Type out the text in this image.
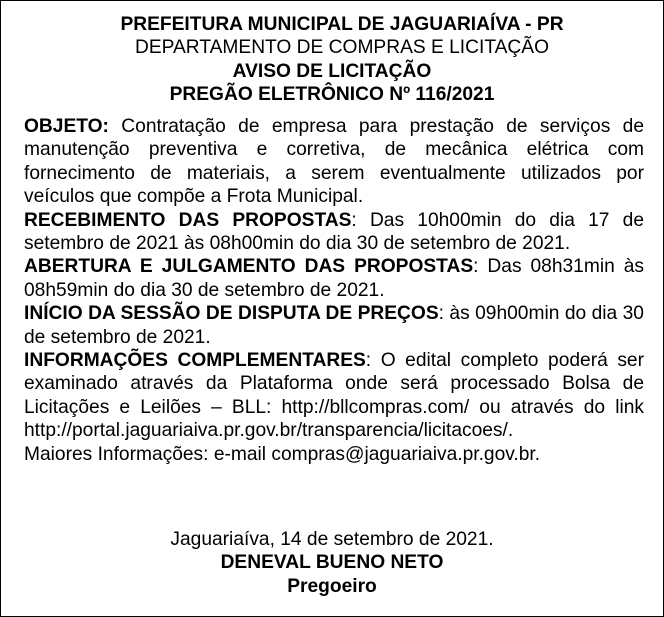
PREFEITURA MUNICIPAL DE JAGUARIAÍVA - PR
DEPARTAMENTO DE COMPRAS E LICITAÇÃO
AVISO DE LICITAÇÃO
PREGÃO ELETRÔNICO Nº 116/2021

OBJETO: Contratação de empresa para prestação de serviços de manutenção preventiva e corretiva, de mecânica elétrica com fornecimento de materiais, a serem eventualmente utilizados por veículos que compõe a Frota Municipal.

RECEBIMENTO DAS PROPOSTAS: Das 10h00min do dia 17 de setembro de 2021 às 08h00min do dia 30 de setembro de 2021.

ABERTURA E JULGAMENTO DAS PROPOSTAS: Das 08h31min às 08h59min do dia 30 de setembro de 2021.

INÍCIO DA SESSÃO DE DISPUTA DE PREÇOS: às 09h00min do dia 30 de setembro de 2021.

INFORMAÇÕES COMPLEMENTARES: O edital completo poderá ser examinado através da Plataforma onde será processado Bolsa de Licitações e Leilões – BLL: http://bllcompras.com/ ou através do link http://portal.jaguariaiva.pr.gov.br/transparencia/licitacoes/.

Maiores Informações: e-mail compras@jaguariaiva.pr.gov.br.

Jaguariaíva, 14 de setembro de 2021.
DENEVAL BUENO NETO
Pregoeiro
